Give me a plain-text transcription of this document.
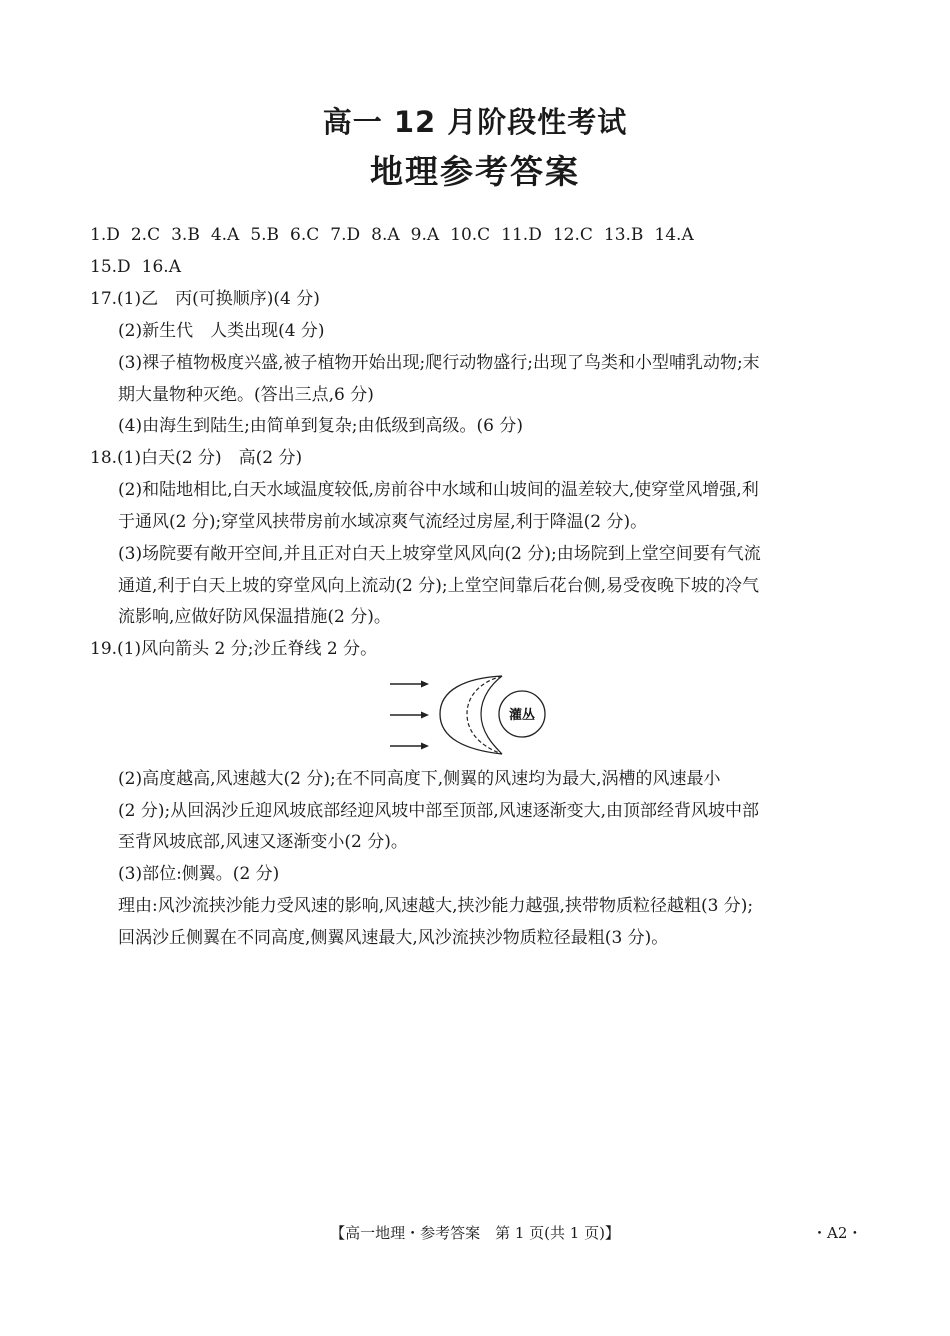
高一 12 月阶段性考试
地理参考答案
1.D 2.C 3.B 4.A 5.B 6.C 7.D 8.A 9.A 10.C 11.D 12.C 13.B 14.A
15.D 16.A
17.(1)乙　丙(可换顺序)(4 分)
(2)新生代　人类出现(4 分)
(3)裸子植物极度兴盛,被子植物开始出现;爬行动物盛行;出现了鸟类和小型哺乳动物;末
期大量物种灭绝。(答出三点,6 分)
(4)由海生到陆生;由简单到复杂;由低级到高级。(6 分)
18.(1)白天(2 分)　高(2 分)
(2)和陆地相比,白天水域温度较低,房前谷中水域和山坡间的温差较大,使穿堂风增强,利
于通风(2 分);穿堂风挟带房前水域凉爽气流经过房屋,利于降温(2 分)。
(3)场院要有敞开空间,并且正对白天上坡穿堂风风向(2 分);由场院到上堂空间要有气流
通道,利于白天上坡的穿堂风向上流动(2 分);上堂空间靠后花台侧,易受夜晚下坡的冷气
流影响,应做好防风保温措施(2 分)。
19.(1)风向箭头 2 分;沙丘脊线 2 分。
灌丛
(2)高度越高,风速越大(2 分);在不同高度下,侧翼的风速均为最大,涡槽的风速最小
(2 分);从回涡沙丘迎风坡底部经迎风坡中部至顶部,风速逐渐变大,由顶部经背风坡中部
至背风坡底部,风速又逐渐变小(2 分)。
(3)部位:侧翼。(2 分)
理由:风沙流挟沙能力受风速的影响,风速越大,挟沙能力越强,挟带物质粒径越粗(3 分);
回涡沙丘侧翼在不同高度,侧翼风速最大,风沙流挟沙物质粒径最粗(3 分)。
【高一地理・参考答案　第 1 页(共 1 页)】	・A2・
